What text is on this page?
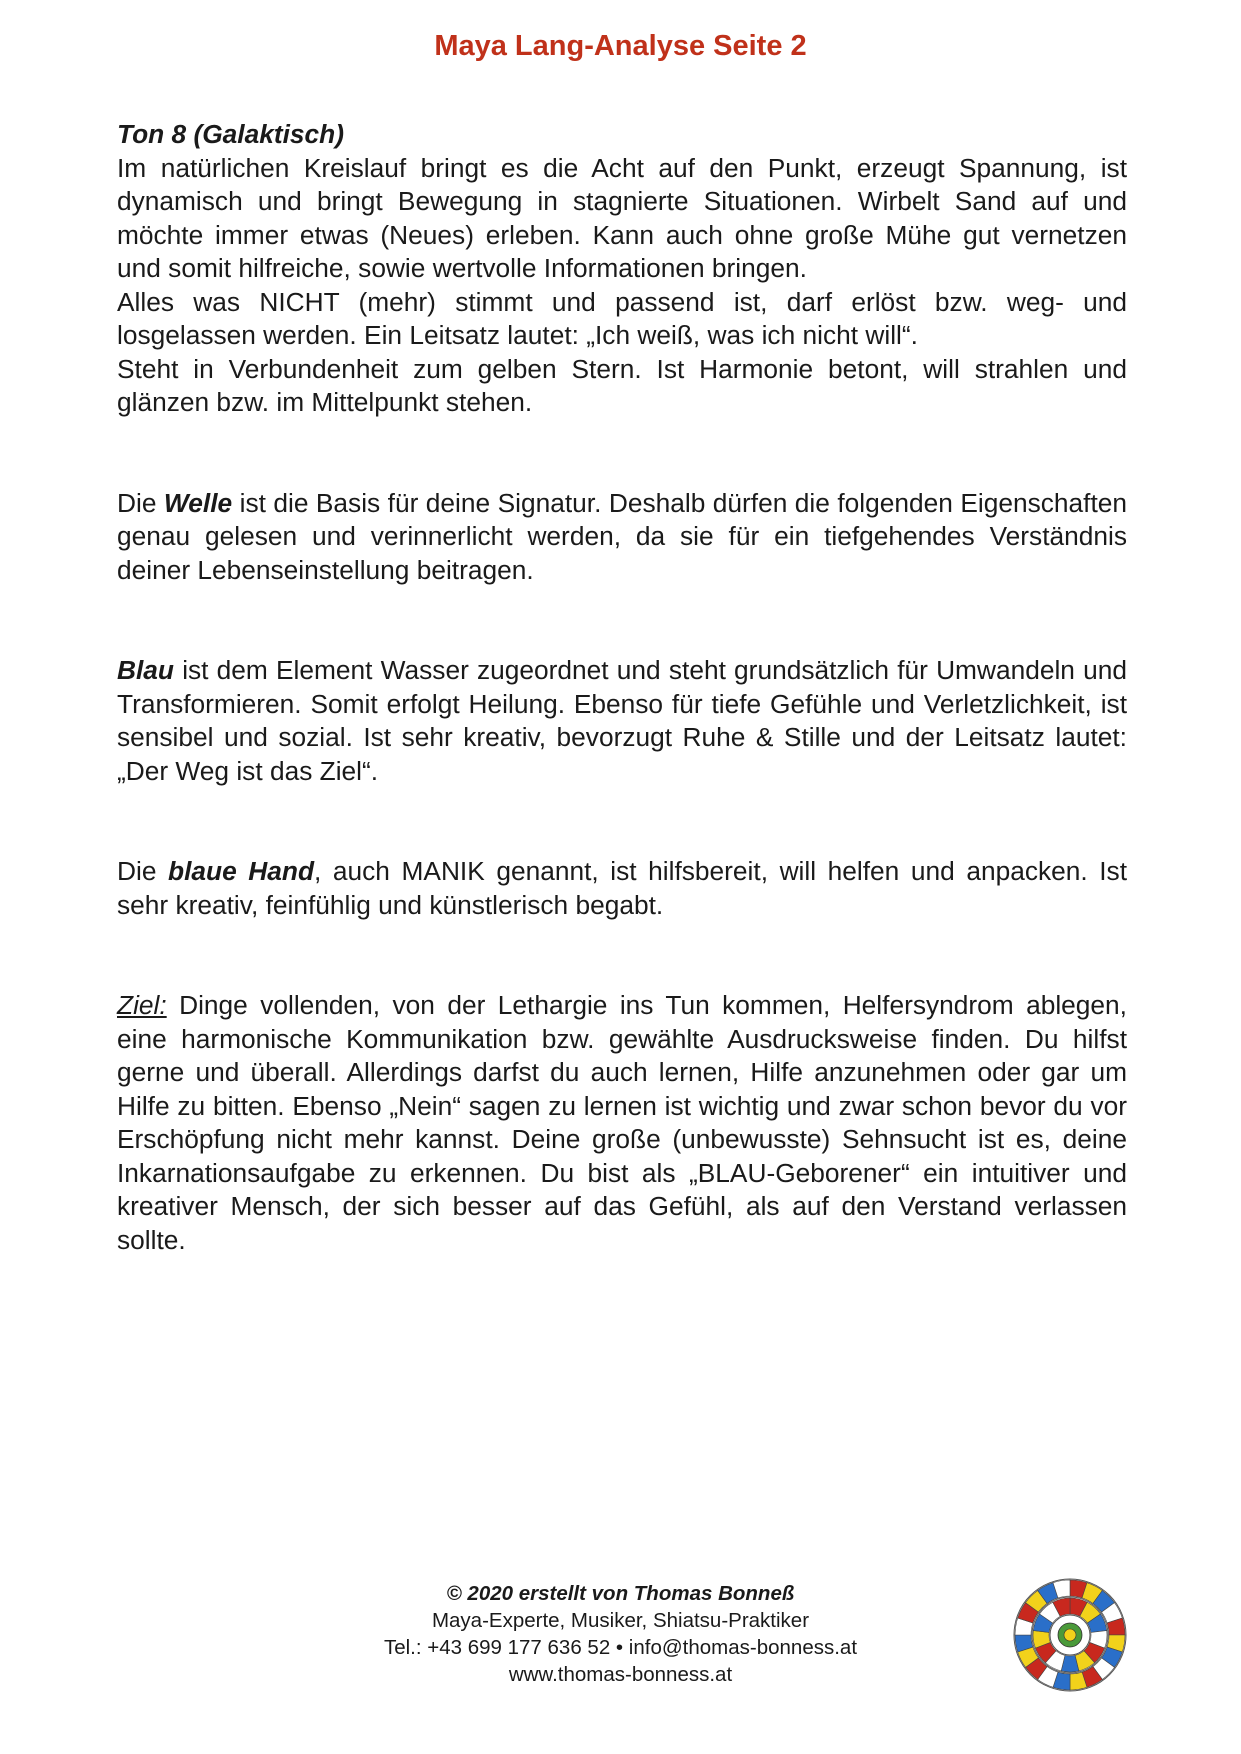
Maya Lang-Analyse Seite 2

Ton 8 (Galaktisch)

Im natürlichen Kreislauf bringt es die Acht auf den Punkt, erzeugt Spannung, ist dynamisch und bringt Bewegung in stagnierte Situationen. Wirbelt Sand auf und möchte immer etwas (Neues) erleben. Kann auch ohne große Mühe gut vernetzen und somit hilfreiche, sowie wertvolle Informationen bringen.

Alles was NICHT (mehr) stimmt und passend ist, darf erlöst bzw. weg- und losgelassen werden. Ein Leitsatz lautet: „Ich weiß, was ich nicht will“.

Steht in Verbundenheit zum gelben Stern. Ist Harmonie betont, will strahlen und glänzen bzw. im Mittelpunkt stehen.

Die Welle ist die Basis für deine Signatur. Deshalb dürfen die folgenden Eigenschaften genau gelesen und verinnerlicht werden, da sie für ein tiefgehendes Verständnis deiner Lebenseinstellung beitragen.

Blau ist dem Element Wasser zugeordnet und steht grundsätzlich für Umwandeln und Transformieren. Somit erfolgt Heilung. Ebenso für tiefe Gefühle und Verletzlichkeit, ist sensibel und sozial. Ist sehr kreativ, bevorzugt Ruhe & Stille und der Leitsatz lautet: „Der Weg ist das Ziel“.

Die blaue Hand, auch MANIK genannt, ist hilfsbereit, will helfen und anpacken. Ist sehr kreativ, feinfühlig und künstlerisch begabt.

Ziel: Dinge vollenden, von der Lethargie ins Tun kommen, Helfersyndrom ablegen, eine harmonische Kommunikation bzw. gewählte Ausdrucksweise finden. Du hilfst gerne und überall. Allerdings darfst du auch lernen, Hilfe anzunehmen oder gar um Hilfe zu bitten. Ebenso „Nein“ sagen zu lernen ist wichtig und zwar schon bevor du vor Erschöpfung nicht mehr kannst. Deine große (unbewusste) Sehnsucht ist es, deine Inkarnationsaufgabe zu erkennen. Du bist als „BLAU-Geborener“ ein intuitiver und kreativer Mensch, der sich besser auf das Gefühl, als auf den Verstand verlassen sollte.

© 2020 erstellt von Thomas Bonneß
Maya-Experte, Musiker, Shiatsu-Praktiker
Tel.: +43 699 177 636 52 • info@thomas-bonness.at
www.thomas-bonness.at
